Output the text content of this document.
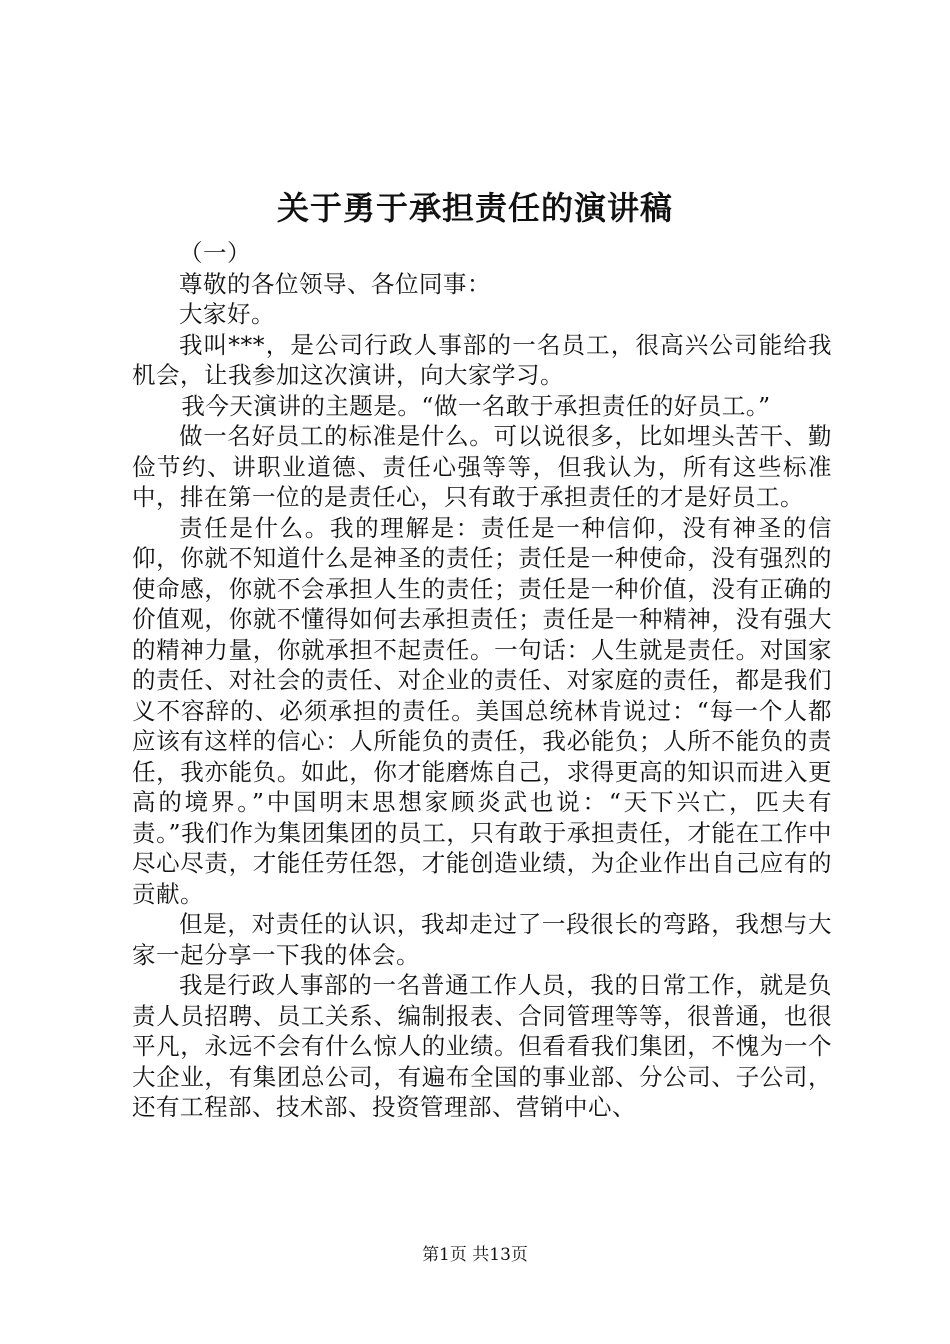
关于勇于承担责任的演讲稿

（一）

尊敬的各位领导、各位同事：

大家好。

我叫***，是公司行政人事部的一名员工，很高兴公司能给我机会，让我参加这次演讲，向大家学习。

我今天演讲的主题是。“做一名敢于承担责任的好员工。”

做一名好员工的标准是什么。可以说很多，比如埋头苦干、勤俭节约、讲职业道德、责任心强等等，但我认为，所有这些标准中，排在第一位的是责任心，只有敢于承担责任的才是好员工。

责任是什么。我的理解是：责任是一种信仰，没有神圣的信仰，你就不知道什么是神圣的责任；责任是一种使命，没有强烈的使命感，你就不会承担人生的责任；责任是一种价值，没有正确的价值观，你就不懂得如何去承担责任；责任是一种精神，没有强大的精神力量，你就承担不起责任。一句话：人生就是责任。对国家的责任、对社会的责任、对企业的责任、对家庭的责任，都是我们义不容辞的、必须承担的责任。美国总统林肯说过：“每一个人都应该有这样的信心：人所能负的责任，我必能负；人所不能负的责任，我亦能负。如此，你才能磨炼自己，求得更高的知识而进入更高的境界。”中国明末思想家顾炎武也说：“天下兴亡，匹夫有责。”我们作为集团集团的员工，只有敢于承担责任，才能在工作中尽心尽责，才能任劳任怨，才能创造业绩，为企业作出自己应有的贡献。

但是，对责任的认识，我却走过了一段很长的弯路，我想与大家一起分享一下我的体会。

我是行政人事部的一名普通工作人员，我的日常工作，就是负责人员招聘、员工关系、编制报表、合同管理等等，很普通，也很平凡，永远不会有什么惊人的业绩。但看看我们集团，不愧为一个大企业，有集团总公司，有遍布全国的事业部、分公司、子公司，还有工程部、技术部、投资管理部、营销中心、

第1页 共13页
